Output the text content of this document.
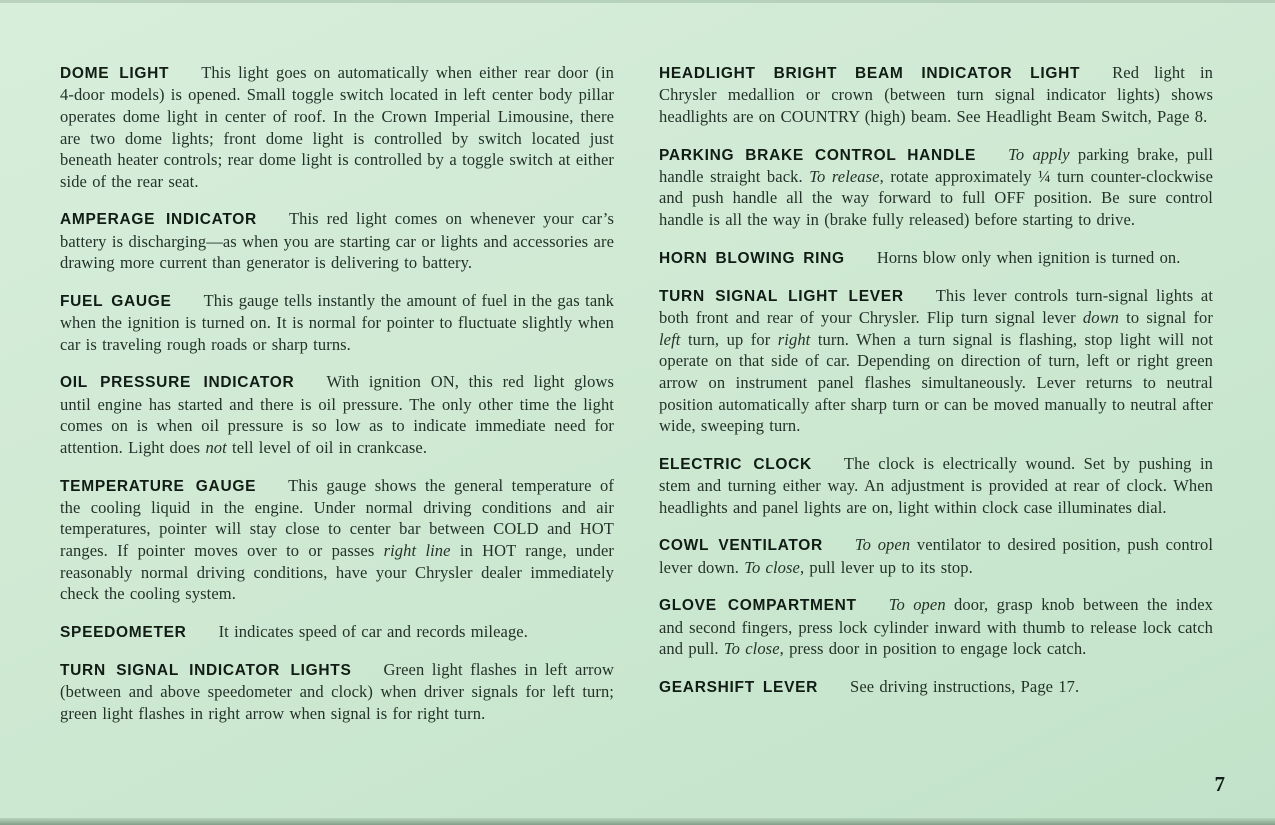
DOME LIGHT This light goes on automatically when either rear door (in 4-door models) is opened. Small toggle switch located in left center body pillar operates dome light in center of roof. In the Crown Imperial Limousine, there are two dome lights; front dome light is controlled by switch located just beneath heater controls; rear dome light is controlled by a toggle switch at either side of the rear seat.

AMPERAGE INDICATOR This red light comes on whenever your car’s battery is discharging—as when you are starting car or lights and accessories are drawing more current than generator is delivering to battery.

FUEL GAUGE This gauge tells instantly the amount of fuel in the gas tank when the ignition is turned on. It is normal for pointer to fluctuate slightly when car is traveling rough roads or sharp turns.

OIL PRESSURE INDICATOR With ignition ON, this red light glows until engine has started and there is oil pressure. The only other time the light comes on is when oil pressure is so low as to indicate immediate need for attention. Light does not tell level of oil in crankcase.

TEMPERATURE GAUGE This gauge shows the general temperature of the cooling liquid in the engine. Under normal driving conditions and air temperatures, pointer will stay close to center bar between COLD and HOT ranges. If pointer moves over to or passes right line in HOT range, under reasonably normal driving conditions, have your Chrysler dealer immediately check the cooling system.

SPEEDOMETER It indicates speed of car and records mileage.

TURN SIGNAL INDICATOR LIGHTS Green light flashes in left arrow (between and above speedometer and clock) when driver signals for left turn; green light flashes in right arrow when signal is for right turn.

HEADLIGHT BRIGHT BEAM INDICATOR LIGHT Red light in Chrysler medallion or crown (between turn signal indicator lights) shows headlights are on COUNTRY (high) beam. See Headlight Beam Switch, Page 8.

PARKING BRAKE CONTROL HANDLE To apply parking brake, pull handle straight back. To release, rotate approximately ¼ turn counter-clockwise and push handle all the way forward to full OFF position. Be sure control handle is all the way in (brake fully released) before starting to drive.

HORN BLOWING RING Horns blow only when ignition is turned on.

TURN SIGNAL LIGHT LEVER This lever controls turn-signal lights at both front and rear of your Chrysler. Flip turn signal lever down to signal for left turn, up for right turn. When a turn signal is flashing, stop light will not operate on that side of car. Depending on direction of turn, left or right green arrow on instrument panel flashes simultaneously. Lever returns to neutral position automatically after sharp turn or can be moved manually to neutral after wide, sweeping turn.

ELECTRIC CLOCK The clock is electrically wound. Set by pushing in stem and turning either way. An adjustment is provided at rear of clock. When headlights and panel lights are on, light within clock case illuminates dial.

COWL VENTILATOR To open ventilator to desired position, push control lever down. To close, pull lever up to its stop.

GLOVE COMPARTMENT To open door, grasp knob between the index and second fingers, press lock cylinder inward with thumb to release lock catch and pull. To close, press door in position to engage lock catch.

GEARSHIFT LEVER See driving instructions, Page 17.

7
